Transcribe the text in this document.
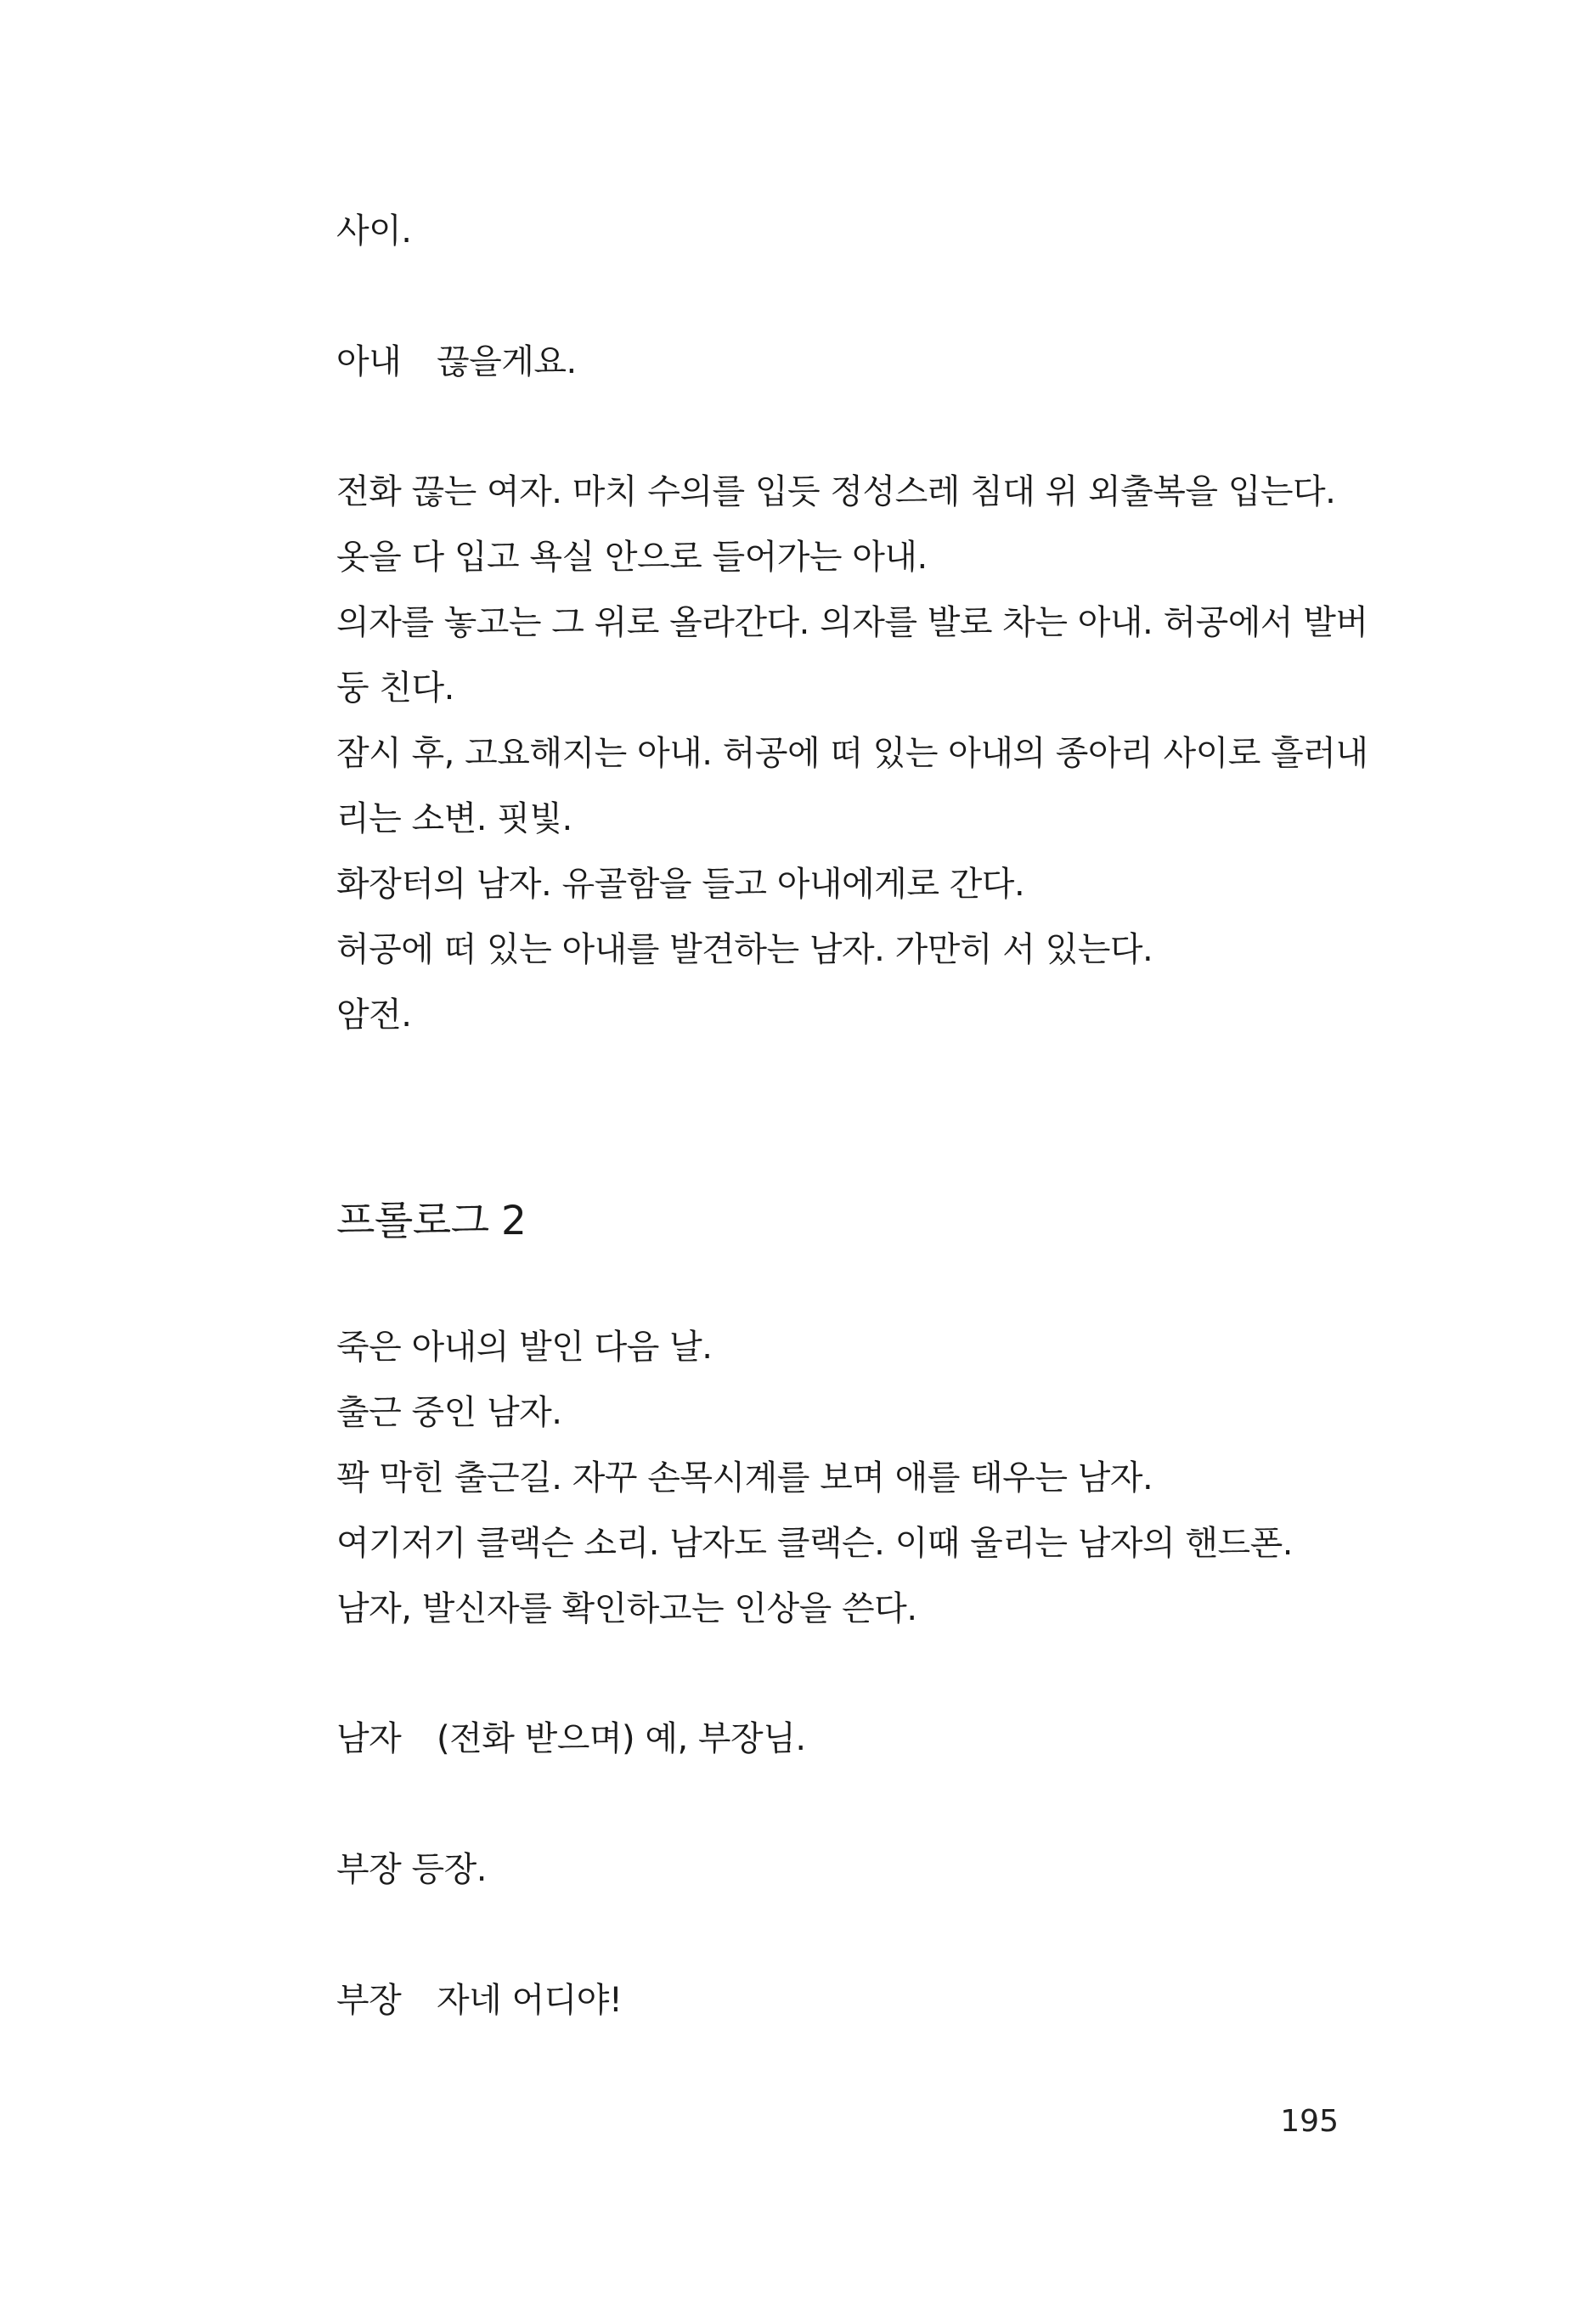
사이.
아내 끊을게요.
전화 끊는 여자. 마치 수의를 입듯 정성스레 침대 위 외출복을 입는다.
옷을 다 입고 욕실 안으로 들어가는 아내.
의자를 놓고는 그 위로 올라간다. 의자를 발로 차는 아내. 허공에서 발버
둥 친다.
잠시 후, 고요해지는 아내. 허공에 떠 있는 아내의 종아리 사이로 흘러내
리는 소변. 핏빛.
화장터의 남자. 유골함을 들고 아내에게로 간다.
허공에 떠 있는 아내를 발견하는 남자. 가만히 서 있는다.
암전.
프롤로그 2
죽은 아내의 발인 다음 날.
출근 중인 남자.
꽉 막힌 출근길. 자꾸 손목시계를 보며 애를 태우는 남자.
여기저기 클랙슨 소리. 남자도 클랙슨. 이때 울리는 남자의 핸드폰.
남자, 발신자를 확인하고는 인상을 쓴다.
남자 (전화 받으며) 예, 부장님.
부장 등장.
부장 자네 어디야!
195
